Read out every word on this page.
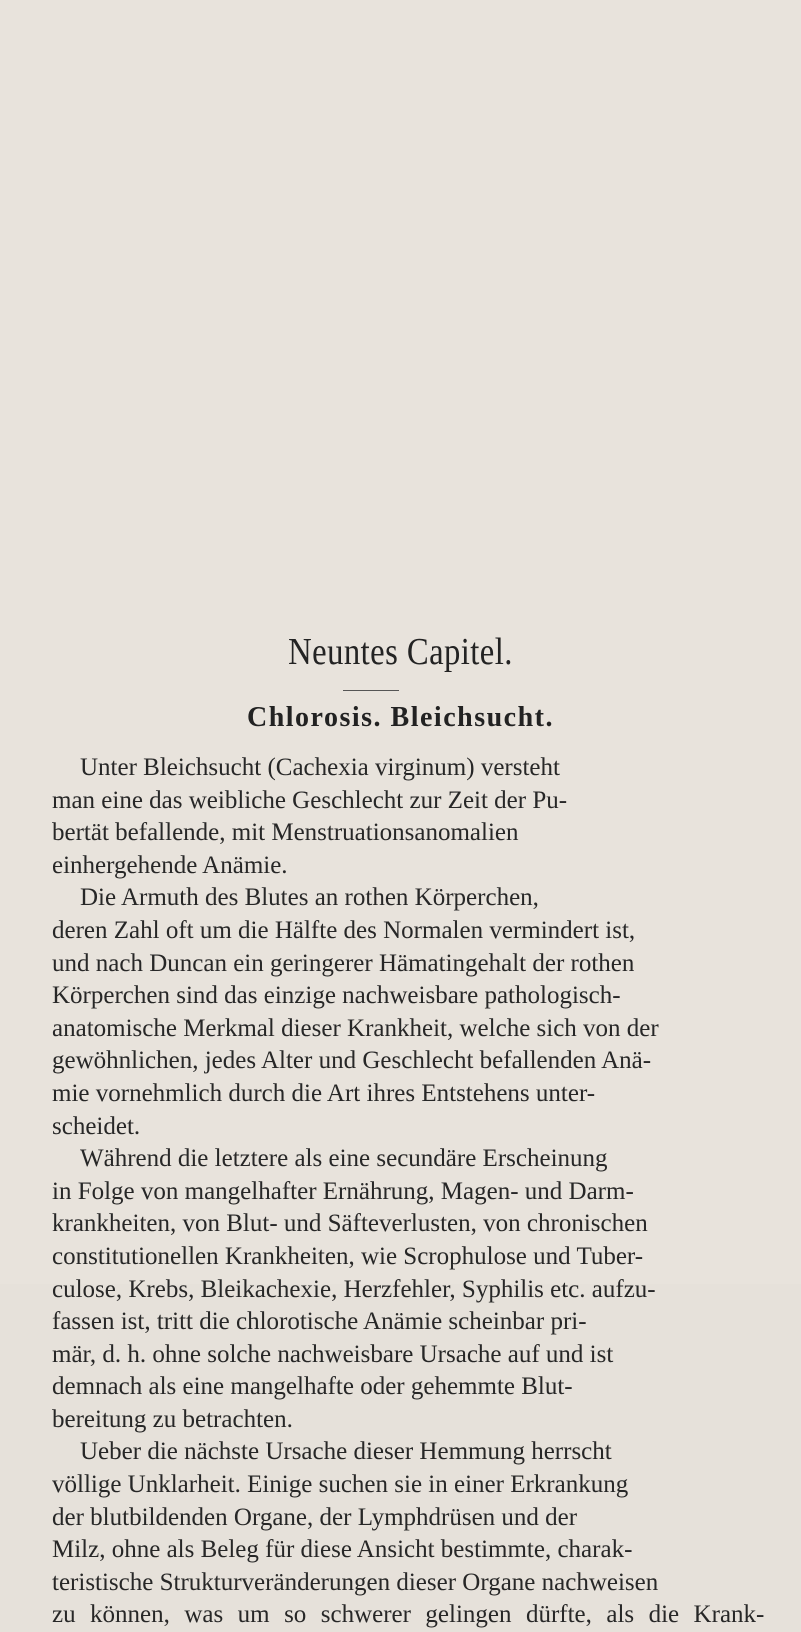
Neuntes Capitel.
Chlorosis. Bleichsucht.
Unter Bleichsucht (Cachexia virginum) versteht
man eine das weibliche Geschlecht zur Zeit der Pu-
bertät befallende, mit Menstruationsanomalien
einhergehende Anämie.
Die Armuth des Blutes an rothen Körperchen,
deren Zahl oft um die Hälfte des Normalen vermindert ist,
und nach Duncan ein geringerer Hämatingehalt der rothen
Körperchen sind das einzige nachweisbare pathologisch-
anatomische Merkmal dieser Krankheit, welche sich von der
gewöhnlichen, jedes Alter und Geschlecht befallenden Anä-
mie vornehmlich durch die Art ihres Entstehens unter-
scheidet.
Während die letztere als eine secundäre Erscheinung
in Folge von mangelhafter Ernährung, Magen- und Darm-
krankheiten, von Blut- und Säfteverlusten, von chronischen
constitutionellen Krankheiten, wie Scrophulose und Tuber-
culose, Krebs, Bleikachexie, Herzfehler, Syphilis etc. aufzu-
fassen ist, tritt die chlorotische Anämie scheinbar pri-
mär, d. h. ohne solche nachweisbare Ursache auf und ist
demnach als eine mangelhafte oder gehemmte Blut-
bereitung zu betrachten.
Ueber die nächste Ursache dieser Hemmung herrscht
völlige Unklarheit. Einige suchen sie in einer Erkrankung
der blutbildenden Organe, der Lymphdrüsen und der
Milz, ohne als Beleg für diese Ansicht bestimmte, charak-
teristische Strukturveränderungen dieser Organe nachweisen
zu können, was um so schwerer gelingen dürfte, als die Krank-
